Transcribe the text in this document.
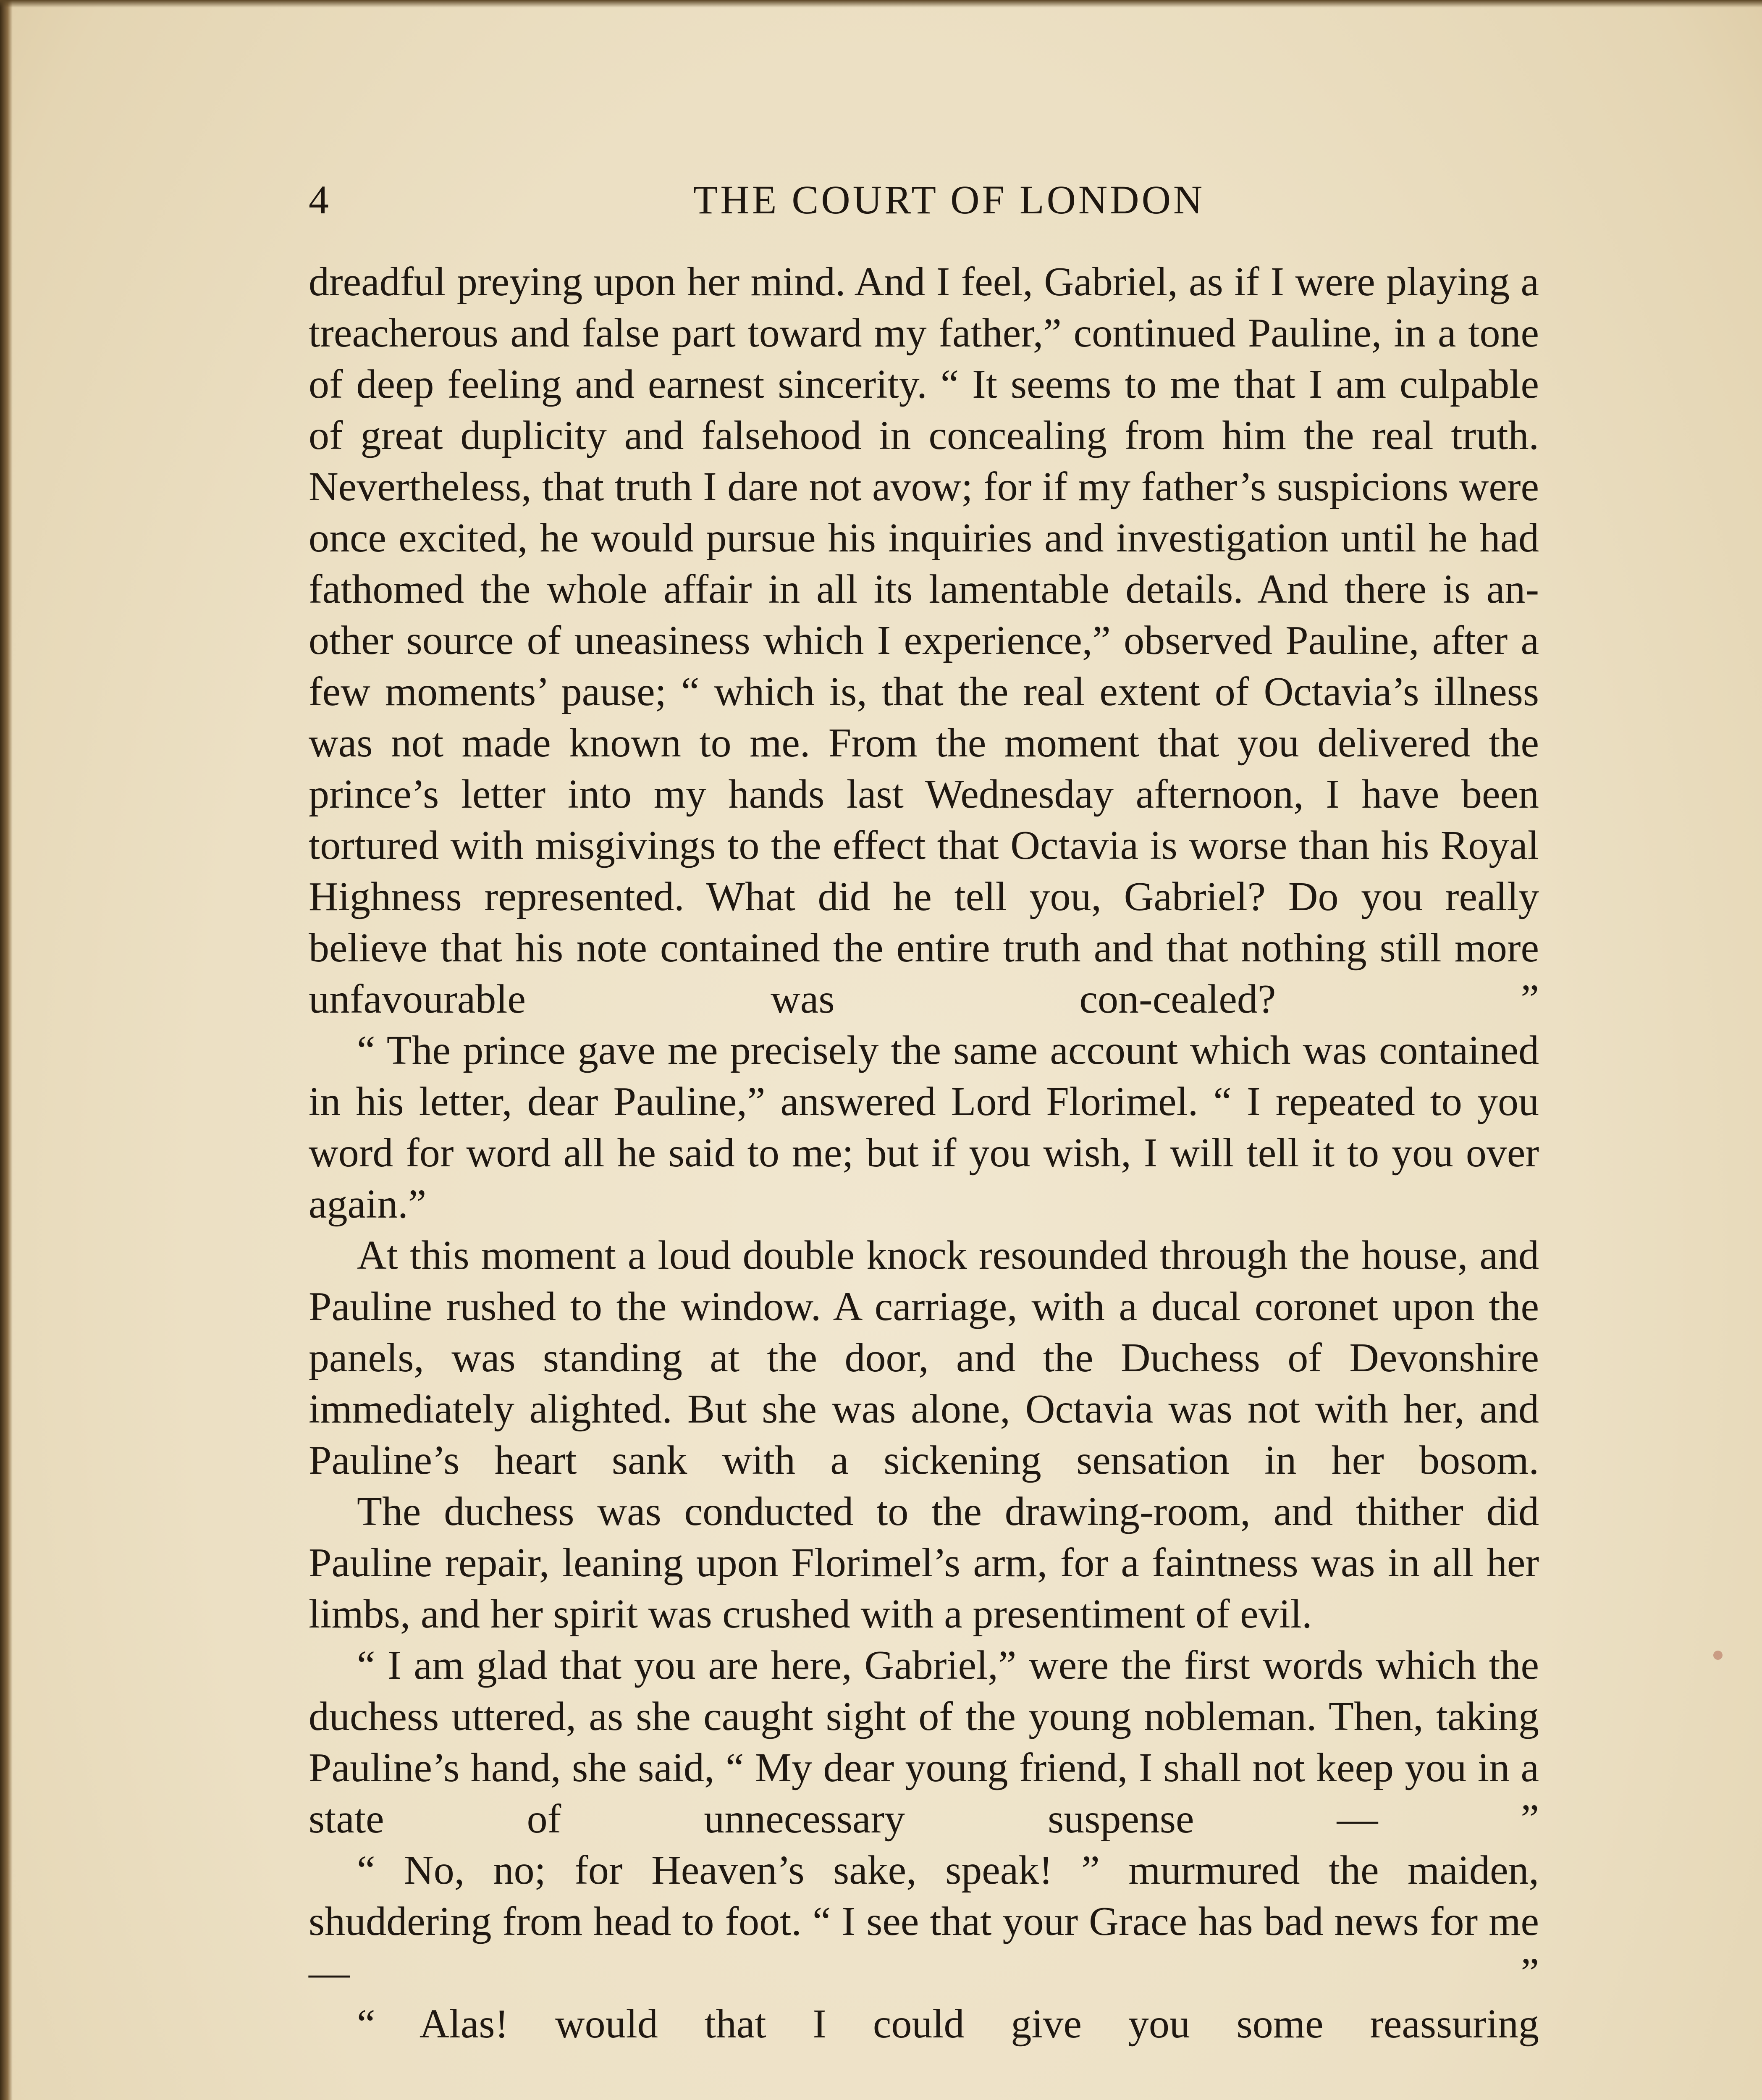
4	THE COURT OF LONDON

dreadful preying upon her mind. And I feel, Gabriel, as if I were playing a treacherous and false part toward my father,” continued Pauline, in a tone of deep feeling and earnest sincerity. “ It seems to me that I am culpable of great duplicity and falsehood in concealing from him the real truth. Nevertheless, that truth I dare not avow; for if my father’s suspicions were once excited, he would pursue his inquiries and investigation until he had fathomed the whole affair in all its lamentable details. And there is an-other source of uneasiness which I experience,” observed Pauline, after a few moments’ pause; “ which is, that the real extent of Octavia’s illness was not made known to me. From the moment that you delivered the prince’s letter into my hands last Wednesday afternoon, I have been tortured with misgivings to the effect that Octavia is worse than his Royal Highness represented. What did he tell you, Gabriel? Do you really believe that his note contained the entire truth and that nothing still more unfavourable was con-cealed? ”

“ The prince gave me precisely the same account which was contained in his letter, dear Pauline,” answered Lord Florimel. “ I repeated to you word for word all he said to me; but if you wish, I will tell it to you over again.”

At this moment a loud double knock resounded through the house, and Pauline rushed to the window. A carriage, with a ducal coronet upon the panels, was standing at the door, and the Duchess of Devonshire immediately alighted. But she was alone, Octavia was not with her, and Pauline’s heart sank with a sickening sensation in her bosom.

The duchess was conducted to the drawing-room, and thither did Pauline repair, leaning upon Florimel’s arm, for a faintness was in all her limbs, and her spirit was crushed with a presentiment of evil.

“ I am glad that you are here, Gabriel,” were the first words which the duchess uttered, as she caught sight of the young nobleman. Then, taking Pauline’s hand, she said, “ My dear young friend, I shall not keep you in a state of unnecessary suspense — ”

“ No, no; for Heaven’s sake, speak! ” murmured the maiden, shuddering from head to foot. “ I see that your Grace has bad news for me — ”

“ Alas! would that I could give you some reassuring
